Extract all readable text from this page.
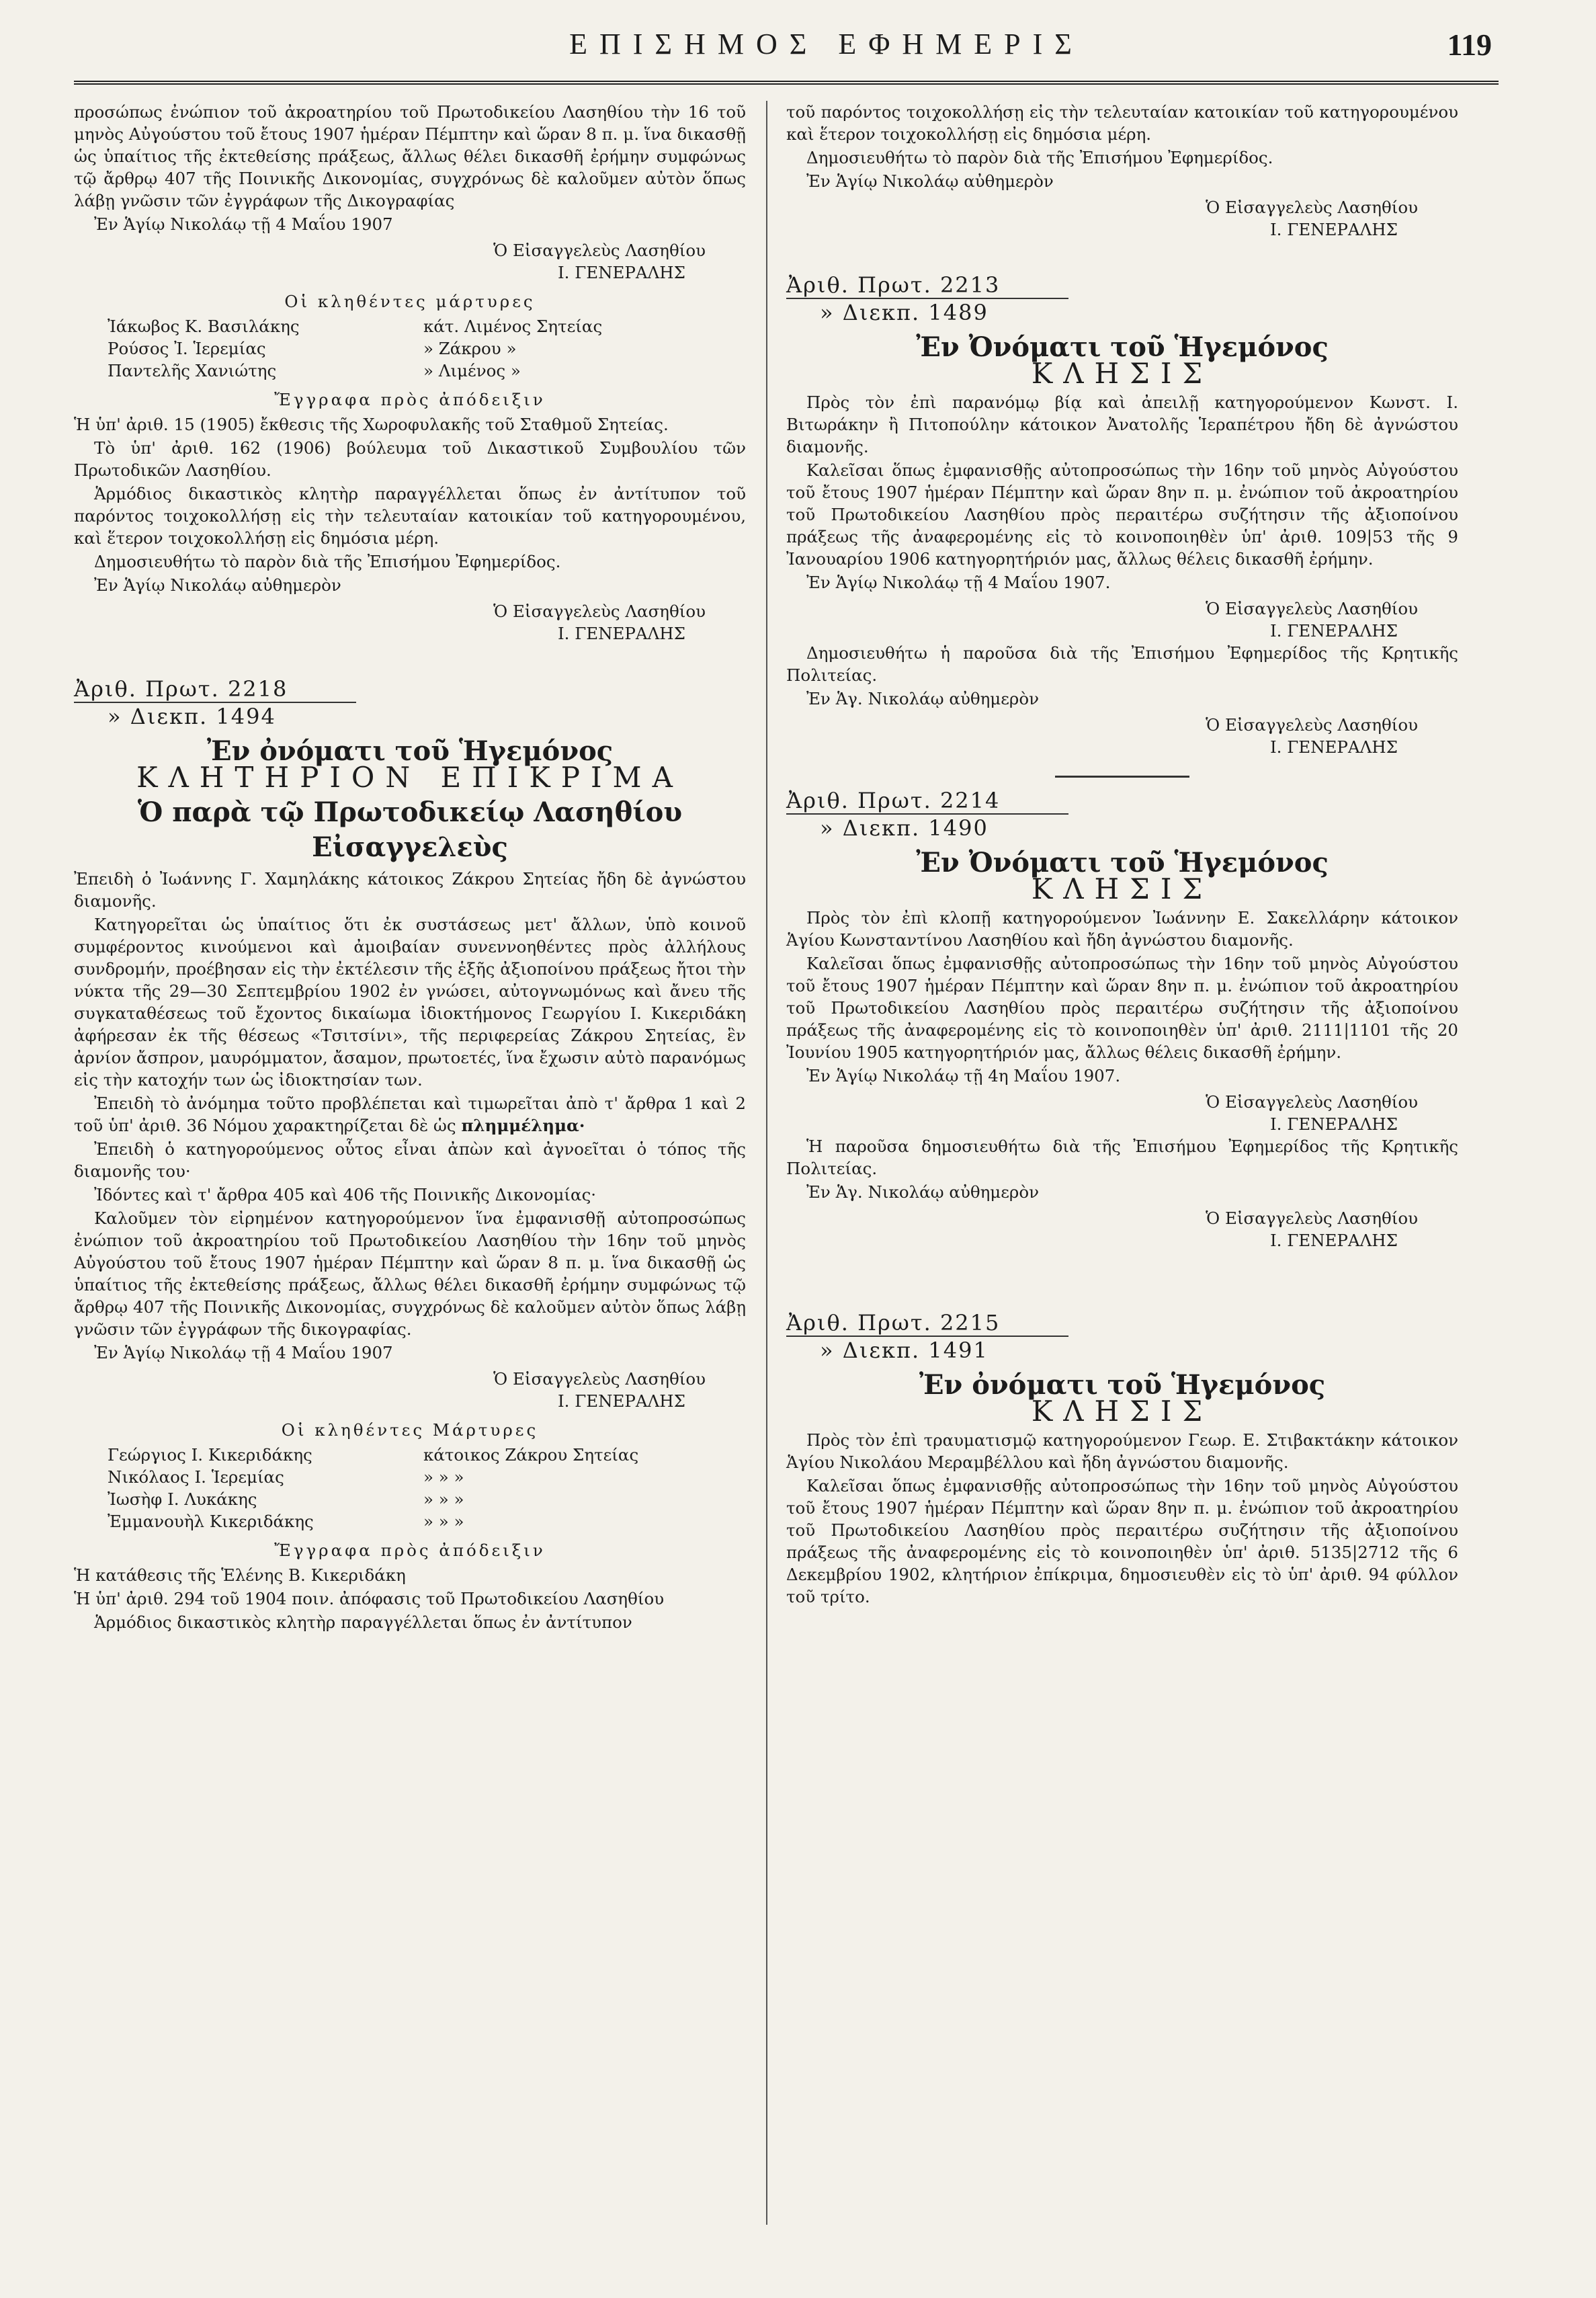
ΕΠΙΣΗΜΟΣ ΕΦΗΜΕΡΙΣ	119

προσώπως ἐνώπιον τοῦ ἀκροατηρίου τοῦ Πρωτοδικείου Λασηθίου τὴν 16 τοῦ μηνὸς Αὐγούστου τοῦ ἔτους 1907 ἡμέραν Πέμπτην καὶ ὥραν 8 π. μ. ἵνα δικασθῇ ὡς ὑπαίτιος τῆς ἐκτεθείσης πράξεως, ἄλλως θέλει δικασθῆ ἐρήμην συμφώνως τῷ ἄρθρῳ 407 τῆς Ποινικῆς Δικονομίας, συγχρόνως δὲ καλοῦμεν αὐτὸν ὅπως λάβῃ γνῶσιν τῶν ἐγγράφων τῆς Δικογραφίας

Ἐν Ἁγίῳ Νικολάῳ τῇ 4 Μαΐου 1907

Ὁ Εἰσαγγελεὺς Λασηθίου

Ι. ΓΕΝΕΡΑΛΗΣ

Οἱ κληθέντες μάρτυρες

Ἰάκωβος Κ. Βασιλάκης	κάτ. Λιμένος Σητείας
Ρούσος Ἰ. Ἱερεμίας	» Ζάκρου »
Παντελῆς Χανιώτης	» Λιμένος »

Ἔγγραφα πρὸς ἀπόδειξιν

Ἡ ὑπ' ἀριθ. 15 (1905) ἔκθεσις τῆς Χωροφυλακῆς τοῦ Σταθμοῦ Σητείας.

Τὸ ὑπ' ἀριθ. 162 (1906) βούλευμα τοῦ Δικαστικοῦ Συμβουλίου τῶν Πρωτοδικῶν Λασηθίου.

Ἁρμόδιος δικαστικὸς κλητὴρ παραγγέλλεται ὅπως ἐν ἀντίτυπον τοῦ παρόντος τοιχοκολλήσῃ εἰς τὴν τελευταίαν κατοικίαν τοῦ κατηγορουμένου, καὶ ἕτερον τοιχοκολλήσῃ εἰς δημόσια μέρη.

Δημοσιευθήτω τὸ παρὸν διὰ τῆς Ἐπισήμου Ἐφημερίδος.

Ἐν Ἁγίῳ Νικολάῳ αὐθημερὸν

Ὁ Εἰσαγγελεὺς Λασηθίου

Ι. ΓΕΝΕΡΑΛΗΣ

Ἀριθ. Πρωτ. 2218

» Διεκπ. 1494

Ἐν ὀνόματι τοῦ Ἡγεμόνος

ΚΛΗΤΗΡΙΟΝ ΕΠΙΚΡΙΜΑ

Ὁ παρὰ τῷ Πρωτοδικείῳ Λασηθίου
Εἰσαγγελεὺς

Ἐπειδὴ ὁ Ἰωάννης Γ. Χαμηλάκης κάτοικος Ζάκρου Σητείας ἤδη δὲ ἀγνώστου διαμονῆς.

Κατηγορεῖται ὡς ὑπαίτιος ὅτι ἐκ συστάσεως μετ' ἄλλων, ὑπὸ κοινοῦ συμφέροντος κινούμενοι καὶ ἀμοιβαίαν συνεννοηθέντες πρὸς ἀλλήλους συνδρομήν, προέβησαν εἰς τὴν ἐκτέλεσιν τῆς ἑξῆς ἀξιοποίνου πράξεως ἤτοι τὴν νύκτα τῆς 29—30 Σεπτεμβρίου 1902 ἐν γνώσει, αὐτογνωμόνως καὶ ἄνευ τῆς συγκαταθέσεως τοῦ ἔχοντος δικαίωμα ἰδιοκτήμονος Γεωργίου Ι. Κικεριδάκη ἀφήρεσαν ἐκ τῆς θέσεως «Τσιτσίνι», τῆς περιφερείας Ζάκρου Σητείας, ἓν ἀρνίον ἄσπρον, μαυρόμματον, ἄσαμον, πρωτοετές, ἵνα ἔχωσιν αὐτὸ παρανόμως εἰς τὴν κατοχήν των ὡς ἰδιοκτησίαν των.

Ἐπειδὴ τὸ ἀνόμημα τοῦτο προβλέπεται καὶ τιμωρεῖται ἀπὸ τ' ἄρθρα 1 καὶ 2 τοῦ ὑπ' ἀριθ. 36 Νόμου χαρακτηρίζεται δὲ ὡς πλημμέλημα·

Ἐπειδὴ ὁ κατηγορούμενος οὗτος εἶναι ἀπὼν καὶ ἀγνοεῖται ὁ τόπος τῆς διαμονῆς του·

Ἰδόντες καὶ τ' ἄρθρα 405 καὶ 406 τῆς Ποινικῆς Δικονομίας·

Καλοῦμεν τὸν εἰρημένον κατηγορούμενον ἵνα ἐμφανισθῇ αὐτοπροσώπως ἐνώπιον τοῦ ἀκροατηρίου τοῦ Πρωτοδικείου Λασηθίου τὴν 16ην τοῦ μηνὸς Αὐγούστου τοῦ ἔτους 1907 ἡμέραν Πέμπτην καὶ ὥραν 8 π. μ. ἵνα δικασθῇ ὡς ὑπαίτιος τῆς ἐκτεθείσης πράξεως, ἄλλως θέλει δικασθῆ ἐρήμην συμφώνως τῷ ἄρθρῳ 407 τῆς Ποινικῆς Δικονομίας, συγχρόνως δὲ καλοῦμεν αὐτὸν ὅπως λάβῃ γνῶσιν τῶν ἐγγράφων τῆς δικογραφίας.

Ἐν Ἁγίῳ Νικολάῳ τῇ 4 Μαΐου 1907

Ὁ Εἰσαγγελεὺς Λασηθίου

Ι. ΓΕΝΕΡΑΛΗΣ

Οἱ κληθέντες Μάρτυρες

Γεώργιος Ι. Κικεριδάκης	κάτοικος Ζάκρου Σητείας
Νικόλαος Ι. Ἱερεμίας	» » »
Ἰωσὴφ Ι. Λυκάκης	» » »
Ἐμμανουὴλ Κικεριδάκης	» » »

Ἔγγραφα πρὸς ἀπόδειξιν

Ἡ κατάθεσις τῆς Ἑλένης Β. Κικεριδάκη

Ἡ ὑπ' ἀριθ. 294 τοῦ 1904 ποιν. ἀπόφασις τοῦ Πρωτοδικείου Λασηθίου

Ἁρμόδιος δικαστικὸς κλητὴρ παραγγέλλεται ὅπως ἐν ἀντίτυπον

τοῦ παρόντος τοιχοκολλήσῃ εἰς τὴν τελευταίαν κατοικίαν τοῦ κατηγορουμένου καὶ ἕτερον τοιχοκολλήσῃ εἰς δημόσια μέρη.

Δημοσιευθήτω τὸ παρὸν διὰ τῆς Ἐπισήμου Ἐφημερίδος.

Ἐν Ἁγίῳ Νικολάῳ αὐθημερὸν

Ὁ Εἰσαγγελεὺς Λασηθίου

Ι. ΓΕΝΕΡΑΛΗΣ

Ἀριθ. Πρωτ. 2213

» Διεκπ. 1489

Ἐν Ὀνόματι τοῦ Ἡγεμόνος

ΚΛΗΣΙΣ

Πρὸς τὸν ἐπὶ παρανόμῳ βίᾳ καὶ ἀπειλῇ κατηγορούμενον Κωνστ. Ι. Βιτωράκην ἢ Πιτοπούλην κάτοικον Ἀνατολῆς Ἱεραπέτρου ἤδη δὲ ἀγνώστου διαμονῆς.

Καλεῖσαι ὅπως ἐμφανισθῇς αὐτοπροσώπως τὴν 16ην τοῦ μηνὸς Αὐγούστου τοῦ ἔτους 1907 ἡμέραν Πέμπτην καὶ ὥραν 8ην π. μ. ἐνώπιον τοῦ ἀκροατηρίου τοῦ Πρωτοδικείου Λασηθίου πρὸς περαιτέρω συζήτησιν τῆς ἀξιοποίνου πράξεως τῆς ἀναφερομένης εἰς τὸ κοινοποιηθὲν ὑπ' ἀριθ. 109|53 τῆς 9 Ἰανουαρίου 1906 κατηγορητήριόν μας, ἄλλως θέλεις δικασθῆ ἐρήμην.

Ἐν Ἁγίῳ Νικολάῳ τῇ 4 Μαΐου 1907.

Ὁ Εἰσαγγελεὺς Λασηθίου

Ι. ΓΕΝΕΡΑΛΗΣ

Δημοσιευθήτω ἡ παροῦσα διὰ τῆς Ἐπισήμου Ἐφημερίδος τῆς Κρητικῆς Πολιτείας.

Ἐν Ἁγ. Νικολάῳ αὐθημερὸν

Ὁ Εἰσαγγελεὺς Λασηθίου

Ι. ΓΕΝΕΡΑΛΗΣ

Ἀριθ. Πρωτ. 2214

» Διεκπ. 1490

Ἐν Ὀνόματι τοῦ Ἡγεμόνος

ΚΛΗΣΙΣ

Πρὸς τὸν ἐπὶ κλοπῇ κατηγορούμενον Ἰωάννην Ε. Σακελλάρην κάτοικον Ἁγίου Κωνσταντίνου Λασηθίου καὶ ἤδη ἀγνώστου διαμονῆς.

Καλεῖσαι ὅπως ἐμφανισθῇς αὐτοπροσώπως τὴν 16ην τοῦ μηνὸς Αὐγούστου τοῦ ἔτους 1907 ἡμέραν Πέμπτην καὶ ὥραν 8ην π. μ. ἐνώπιον τοῦ ἀκροατηρίου τοῦ Πρωτοδικείου Λασηθίου πρὸς περαιτέρω συζήτησιν τῆς ἀξιοποίνου πράξεως τῆς ἀναφερομένης εἰς τὸ κοινοποιηθὲν ὑπ' ἀριθ. 2111|1101 τῆς 20 Ἰουνίου 1905 κατηγορητήριόν μας, ἄλλως θέλεις δικασθῆ ἐρήμην.

Ἐν Ἁγίῳ Νικολάῳ τῇ 4η Μαΐου 1907.

Ὁ Εἰσαγγελεὺς Λασηθίου

Ι. ΓΕΝΕΡΑΛΗΣ

Ἡ παροῦσα δημοσιευθήτω διὰ τῆς Ἐπισήμου Ἐφημερίδος τῆς Κρητικῆς Πολιτείας.

Ἐν Ἁγ. Νικολάῳ αὐθημερὸν

Ὁ Εἰσαγγελεὺς Λασηθίου

Ι. ΓΕΝΕΡΑΛΗΣ

Ἀριθ. Πρωτ. 2215

» Διεκπ. 1491

Ἐν ὀνόματι τοῦ Ἡγεμόνος

ΚΛΗΣΙΣ

Πρὸς τὸν ἐπὶ τραυματισμῷ κατηγορούμενον Γεωρ. Ε. Στιβακτάκην κάτοικον Ἁγίου Νικολάου Μεραμβέλλου καὶ ἤδη ἀγνώστου διαμονῆς.

Καλεῖσαι ὅπως ἐμφανισθῇς αὐτοπροσώπως τὴν 16ην τοῦ μηνὸς Αὐγούστου τοῦ ἔτους 1907 ἡμέραν Πέμπτην καὶ ὥραν 8ην π. μ. ἐνώπιον τοῦ ἀκροατηρίου τοῦ Πρωτοδικείου Λασηθίου πρὸς περαιτέρω συζήτησιν τῆς ἀξιοποίνου πράξεως τῆς ἀναφερομένης εἰς τὸ κοινοποιηθὲν ὑπ' ἀριθ. 5135|2712 τῆς 6 Δεκεμβρίου 1902, κλητήριον ἐπίκριμα, δημοσιευθὲν εἰς τὸ ὑπ' ἀριθ. 94 φύλλον τοῦ τρίτο.
